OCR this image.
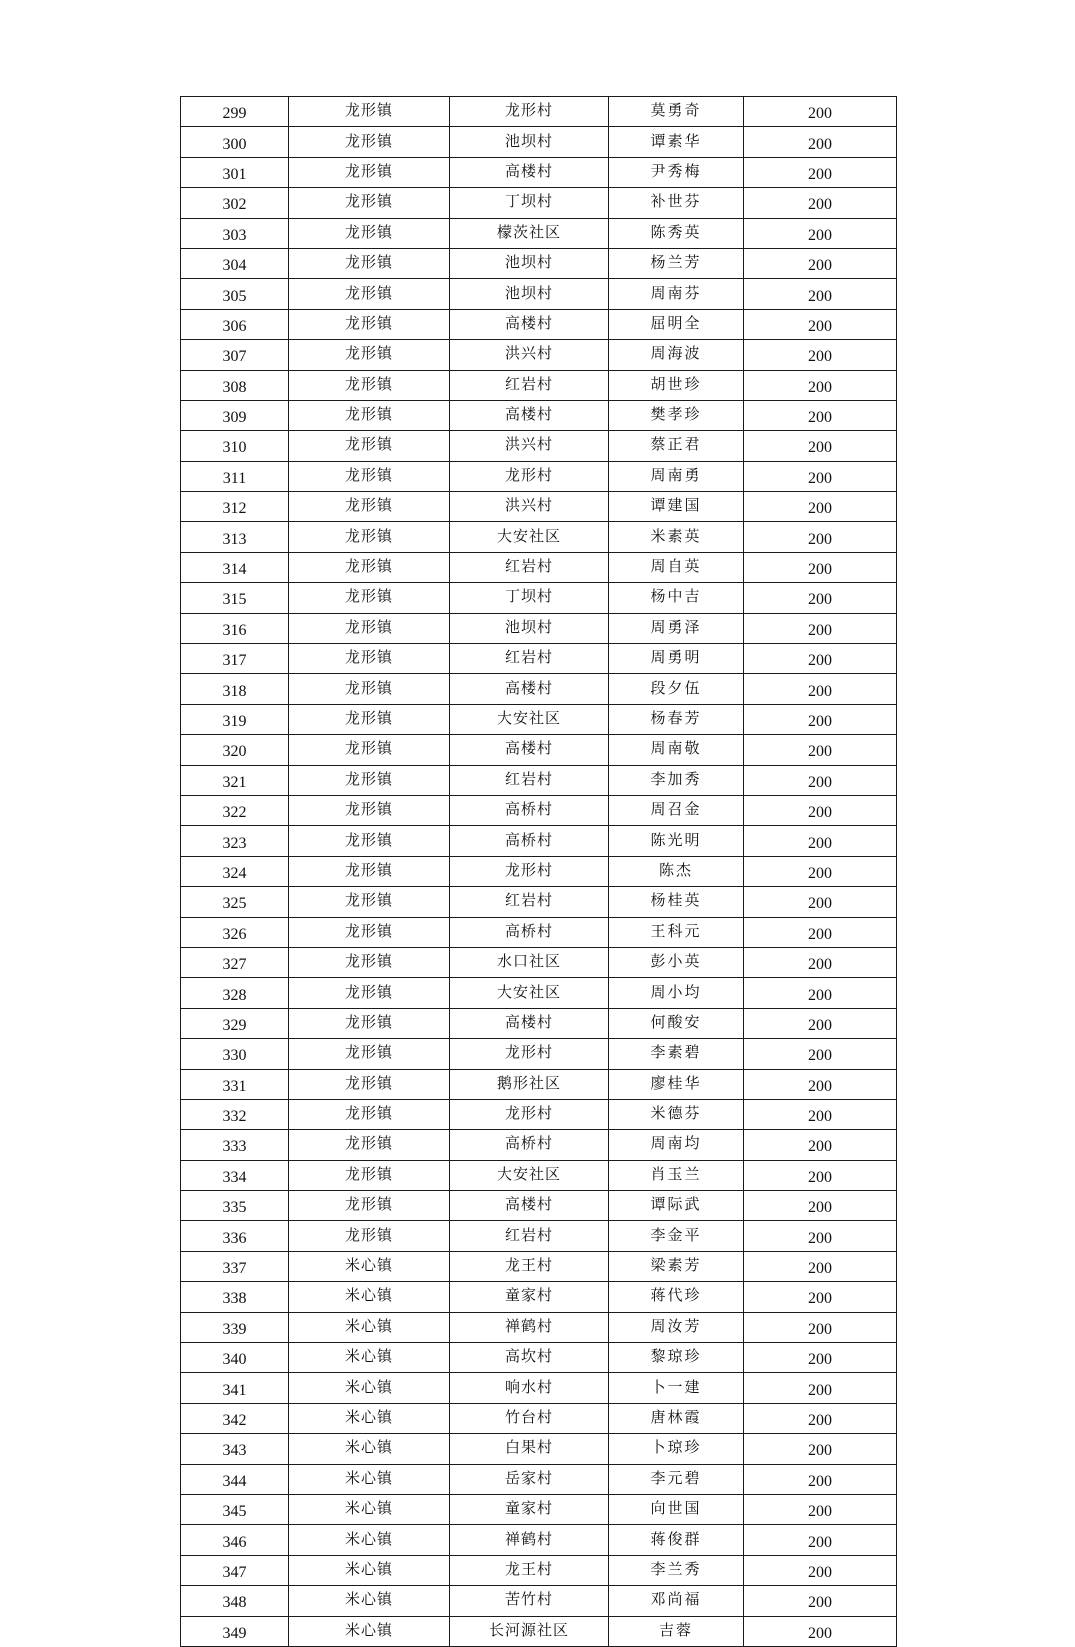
299	龙形镇	龙形村	莫勇奇	200
300	龙形镇	池坝村	谭素华	200
301	龙形镇	高楼村	尹秀梅	200
302	龙形镇	丁坝村	补世芬	200
303	龙形镇	檬茨社区	陈秀英	200
304	龙形镇	池坝村	杨兰芳	200
305	龙形镇	池坝村	周南芬	200
306	龙形镇	高楼村	屈明全	200
307	龙形镇	洪兴村	周海波	200
308	龙形镇	红岩村	胡世珍	200
309	龙形镇	高楼村	樊孝珍	200
310	龙形镇	洪兴村	蔡正君	200
311	龙形镇	龙形村	周南勇	200
312	龙形镇	洪兴村	谭建国	200
313	龙形镇	大安社区	米素英	200
314	龙形镇	红岩村	周自英	200
315	龙形镇	丁坝村	杨中吉	200
316	龙形镇	池坝村	周勇泽	200
317	龙形镇	红岩村	周勇明	200
318	龙形镇	高楼村	段夕伍	200
319	龙形镇	大安社区	杨春芳	200
320	龙形镇	高楼村	周南敬	200
321	龙形镇	红岩村	李加秀	200
322	龙形镇	高桥村	周召金	200
323	龙形镇	高桥村	陈光明	200
324	龙形镇	龙形村	陈杰	200
325	龙形镇	红岩村	杨桂英	200
326	龙形镇	高桥村	王科元	200
327	龙形镇	水口社区	彭小英	200
328	龙形镇	大安社区	周小均	200
329	龙形镇	高楼村	何酸安	200
330	龙形镇	龙形村	李素碧	200
331	龙形镇	鹅形社区	廖桂华	200
332	龙形镇	龙形村	米德芬	200
333	龙形镇	高桥村	周南均	200
334	龙形镇	大安社区	肖玉兰	200
335	龙形镇	高楼村	谭际武	200
336	龙形镇	红岩村	李金平	200
337	米心镇	龙王村	梁素芳	200
338	米心镇	童家村	蒋代珍	200
339	米心镇	禅鹤村	周汝芳	200
340	米心镇	高坎村	黎琼珍	200
341	米心镇	响水村	卜一建	200
342	米心镇	竹台村	唐林霞	200
343	米心镇	白果村	卜琼珍	200
344	米心镇	岳家村	李元碧	200
345	米心镇	童家村	向世国	200
346	米心镇	禅鹤村	蒋俊群	200
347	米心镇	龙王村	李兰秀	200
348	米心镇	苦竹村	邓尚福	200
349	米心镇	长河源社区	吉蓉	200
